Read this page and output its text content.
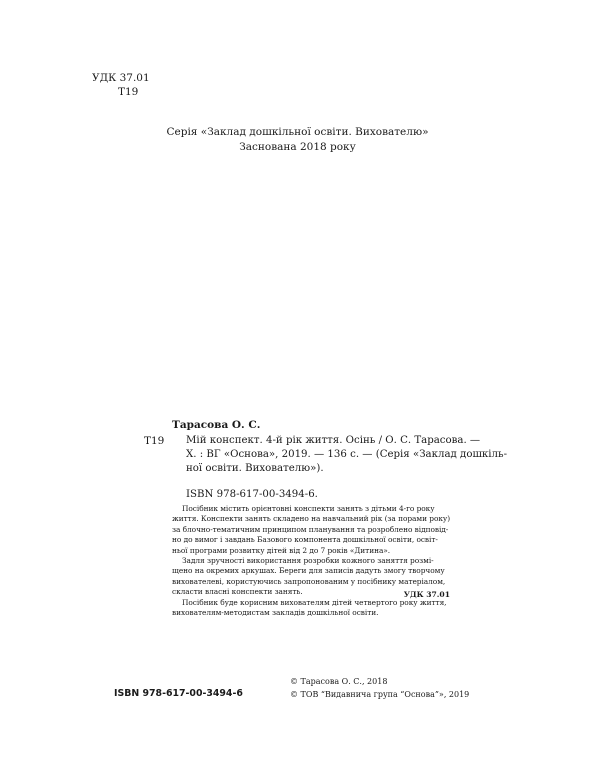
УДК 37.01
Т19
Серія «Заклад дошкільної освіти. Вихователю»
Заснована 2018 року
Тарасова О. С.
Т19 Мій конспект. 4-й рік життя. Осінь / О. С. Тарасова. —
Х. : ВГ «Основа», 2019. — 136 с. — (Серія «Заклад дошкіль-
ної освіти. Вихователю»).
ISBN 978-617-00-3494-6.
Посібник містить орієнтовні конспекти занять з дітьми 4-го року
життя. Конспекти занять складено на навчальний рік (за порами року)
за блочно-тематичним принципом планування та розроблено відповід-
но до вимог і завдань Базового компонента дошкільної освіти, освіт-
ньої програми розвитку дітей від 2 до 7 років «Дитина».
Задля зручності використання розробки кожного заняття розмі-
щено на окремих аркушах. Береги для записів дадуть змогу творчому
вихователеві, користуючись запропонованим у посібнику матеріалом,
скласти власні конспекти занять.
Посібник буде корисним вихователям дітей четвертого року життя,
вихователям-методистам закладів дошкільної освіти.
УДК 37.01
ISBN 978-617-00-3494-6
© Тарасова О. С., 2018
© ТОВ “Видавнича група “Основа”», 2019
